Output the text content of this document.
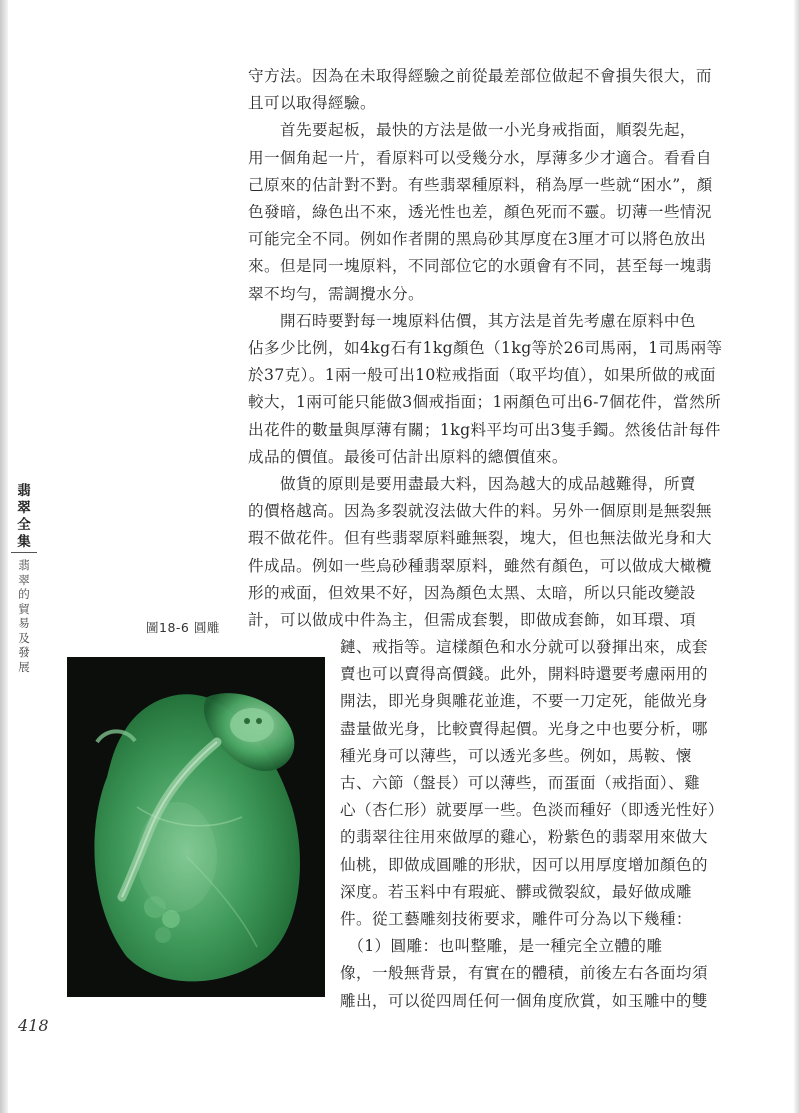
守方法。因為在未取得經驗之前從最差部位做起不會損失很大，而
且可以取得經驗。
　　首先要起板，最快的方法是做一小光身戒指面，順裂先起，
用一個角起一片，看原料可以受幾分水，厚薄多少才適合。看看自
己原來的估計對不對。有些翡翠種原料，稍為厚一些就“困水”，顏
色發暗，綠色出不來，透光性也差，顏色死而不靈。切薄一些情況
可能完全不同。例如作者開的黑烏砂其厚度在3厘才可以將色放出
來。但是同一塊原料，不同部位它的水頭會有不同，甚至每一塊翡
翠不均勻，需調攪水分。
　　開石時要對每一塊原料估價，其方法是首先考慮在原料中色
佔多少比例，如4kg石有1kg顏色（1kg等於26司馬兩，1司馬兩等
於37克）。1兩一般可出10粒戒指面（取平均值），如果所做的戒面
較大，1兩可能只能做3個戒指面；1兩顏色可出6-7個花件，當然所
出花件的數量與厚薄有關；1kg料平均可出3隻手鐲。然後估計每件
成品的價值。最後可估計出原料的總價值來。
　　做貨的原則是要用盡最大料，因為越大的成品越難得，所賣
的價格越高。因為多裂就沒法做大件的料。另外一個原則是無裂無
瑕不做花件。但有些翡翠原料雖無裂，塊大，但也無法做光身和大
件成品。例如一些烏砂種翡翠原料，雖然有顏色，可以做成大橄欖
形的戒面，但效果不好，因為顏色太黑、太暗，所以只能改變設
計，可以做成中件為主，但需成套製，即做成套飾，如耳環、項
鏈、戒指等。這樣顏色和水分就可以發揮出來，成套
賣也可以賣得高價錢。此外，開料時還要考慮兩用的
開法，即光身與雕花並進，不要一刀定死，能做光身
盡量做光身，比較賣得起價。光身之中也要分析，哪
種光身可以薄些，可以透光多些。例如，馬鞍、懷
古、六節（盤長）可以薄些，而蛋面（戒指面）、雞
心（杏仁形）就要厚一些。色淡而種好（即透光性好）
的翡翠往往用來做厚的雞心，粉紫色的翡翠用來做大
仙桃，即做成圓雕的形狀，因可以用厚度增加顏色的
深度。若玉料中有瑕疵、髒或微裂紋，最好做成雕
件。從工藝雕刻技術要求，雕件可分為以下幾種：
　（1）圓雕：也叫整雕，是一種完全立體的雕
像，一般無背景，有實在的體積，前後左右各面均須
雕出，可以從四周任何一個角度欣賞，如玉雕中的雙
翡
翠
全
集
翡
翠
的
貿
易
及
發
展
圖18-6 圓雕
418
